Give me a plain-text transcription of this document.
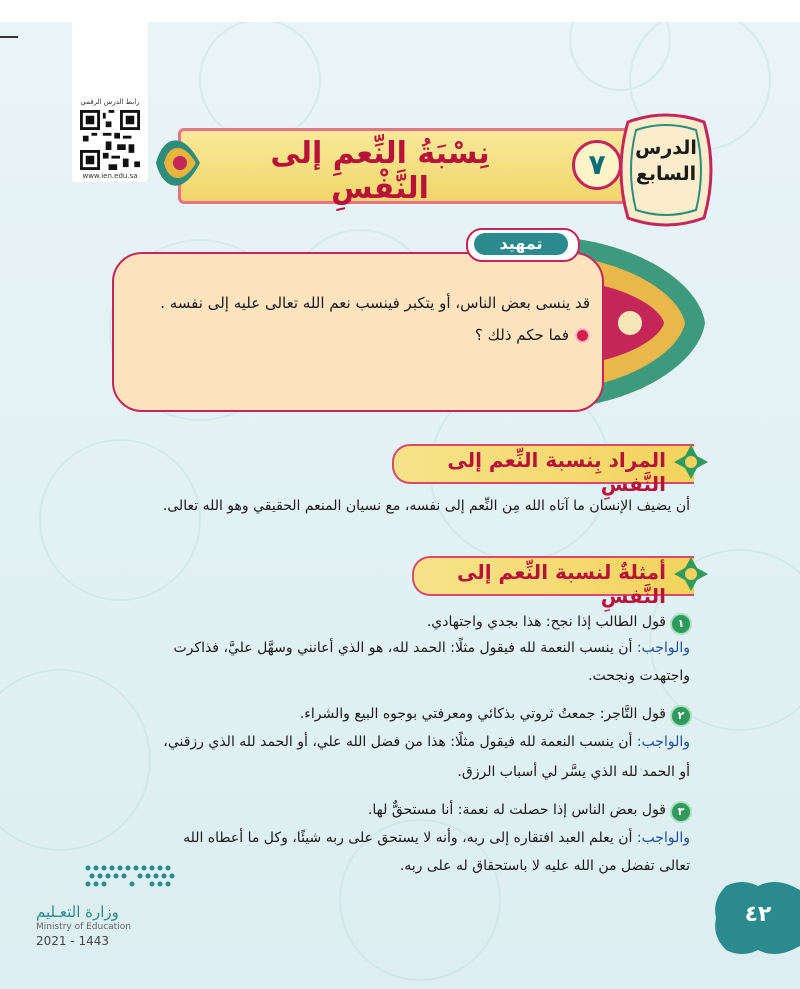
رابط الدرس الرقمي
www.ien.edu.sa
نِسْبَةُ النِّعمِ إلى النَّفْسِ
٧	الدرس
السابع
تمهيد
قد ينسى بعض الناس، أو يتكبر فينسب نعم الله تعالى عليه إلى نفسه .
فما حكم ذلك ؟
المراد بِنسبة النِّعم إلى النَّفسِ
أن يضيف الإنسان ما آتاه الله مِن النِّعم إلى نفسه، مع نسيان المنعم الحقيقي وهو الله تعالى.
أمثلةٌ لنسبة النِّعم إلى النَّفسِ
١
قول الطالب إذا نجح: هذا بجدي واجتهادي.
والواجب: أن ينسب النعمة لله فيقول مثلًا: الحمد لله، هو الذي أعانني وسهَّل عليَّ، فذاكرت
واجتهدت ونجحت.
٢
قول التَّاجر: جمعتُ ثروتي بذكائي ومعرفتي بوجوه البيع والشراء.
والواجب: أن ينسب النعمة لله فيقول مثلًا: هذا من فضل الله علي، أو الحمد لله الذي رزقني،
أو الحمد لله الذي يسَّر لي أسباب الرزق.
٣
قول بعض الناس إذا حصلت له نعمة: أنا مستحقٌّ لها.
والواجب: أن يعلم العبد افتقاره إلى ربه، وأنه لا يستحق على ربه شيئًا، وكل ما أعطاه الله
تعالى تفضل من الله عليه لا باستحقاق له على ربه.
وزارة التعـليم
Ministry of Education
2021 - 1443
٤٢
